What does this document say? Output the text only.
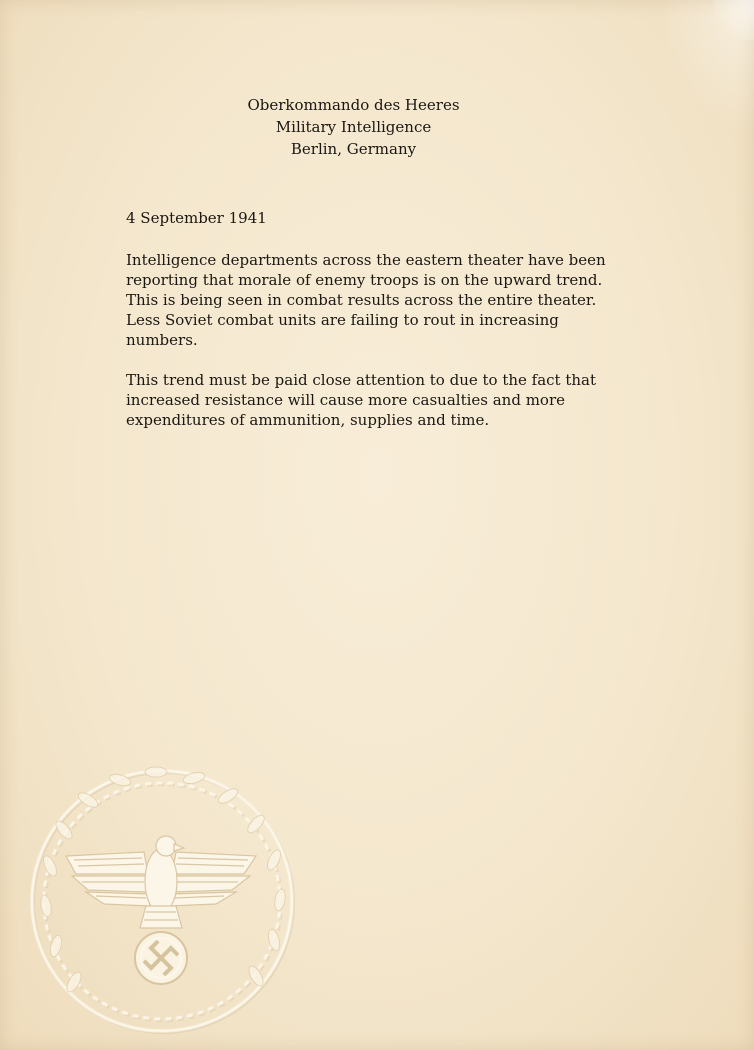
Oberkommando des Heeres
Military Intelligence
Berlin, Germany
4 September 1941
Intelligence departments across the eastern theater have been
reporting that morale of enemy troops is on the upward trend.
This is being seen in combat results across the entire theater.
Less Soviet combat units are failing to rout in increasing
numbers.
This trend must be paid close attention to due to the fact that
increased resistance will cause more casualties and more
expenditures of ammunition, supplies and time.
